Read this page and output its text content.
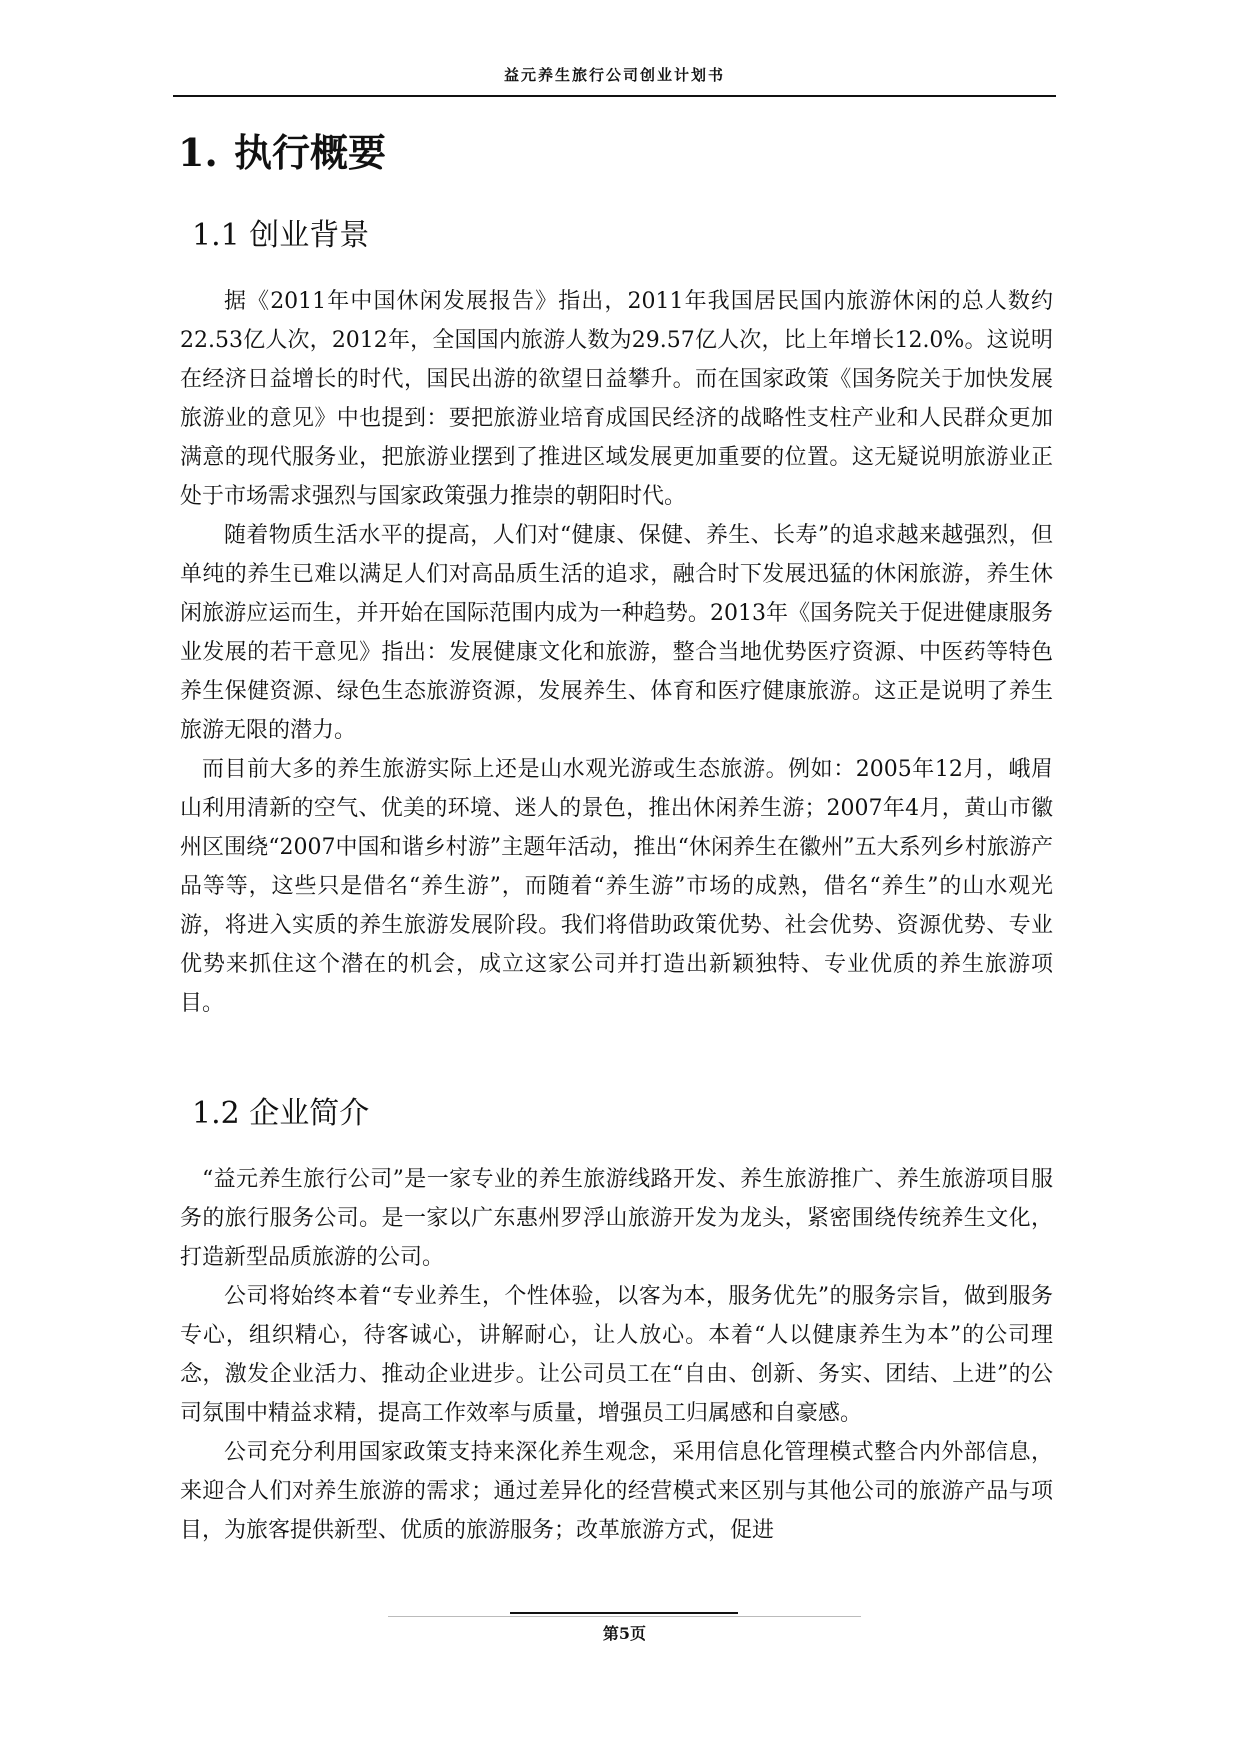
益元养生旅行公司创业计划书
1. 执行概要
1.1 创业背景

据《2011年中国休闲发展报告》指出，2011年我国居民国内旅游休闲的总人数约22.53亿人次，2012年，全国国内旅游人数为29.57亿人次，比上年增长12.0%。这说明在经济日益增长的时代，国民出游的欲望日益攀升。而在国家政策《国务院关于加快发展旅游业的意见》中也提到：要把旅游业培育成国民经济的战略性支柱产业和人民群众更加满意的现代服务业，把旅游业摆到了推进区域发展更加重要的位置。这无疑说明旅游业正处于市场需求强烈与国家政策强力推崇的朝阳时代。

随着物质生活水平的提高，人们对“健康、保健、养生、长寿”的追求越来越强烈，但单纯的养生已难以满足人们对高品质生活的追求，融合时下发展迅猛的休闲旅游，养生休闲旅游应运而生，并开始在国际范围内成为一种趋势。2013年《国务院关于促进健康服务业发展的若干意见》指出：发展健康文化和旅游，整合当地优势医疗资源、中医药等特色养生保健资源、绿色生态旅游资源，发展养生、体育和医疗健康旅游。这正是说明了养生旅游无限的潜力。

而目前大多的养生旅游实际上还是山水观光游或生态旅游。例如：2005年12月，峨眉山利用清新的空气、优美的环境、迷人的景色，推出休闲养生游；2007年4月，黄山市徽州区围绕“2007中国和谐乡村游”主题年活动，推出“休闲养生在徽州”五大系列乡村旅游产品等等，这些只是借名“养生游”，而随着“养生游”市场的成熟，借名“养生”的山水观光游，将进入实质的养生旅游发展阶段。我们将借助政策优势、社会优势、资源优势、专业优势来抓住这个潜在的机会，成立这家公司并打造出新颖独特、专业优质的养生旅游项目。

1.2 企业简介

“益元养生旅行公司”是一家专业的养生旅游线路开发、养生旅游推广、养生旅游项目服务的旅行服务公司。是一家以广东惠州罗浮山旅游开发为龙头，紧密围绕传统养生文化，打造新型品质旅游的公司。

公司将始终本着“专业养生，个性体验，以客为本，服务优先”的服务宗旨，做到服务专心，组织精心，待客诚心，讲解耐心，让人放心。本着“人以健康养生为本”的公司理念，激发企业活力、推动企业进步。让公司员工在“自由、创新、务实、团结、上进”的公司氛围中精益求精，提高工作效率与质量，增强员工归属感和自豪感。

公司充分利用国家政策支持来深化养生观念，采用信息化管理模式整合内外部信息，来迎合人们对养生旅游的需求；通过差异化的经营模式来区别与其他公司的旅游产品与项目，为旅客提供新型、优质的旅游服务；改革旅游方式，促进

第5页
